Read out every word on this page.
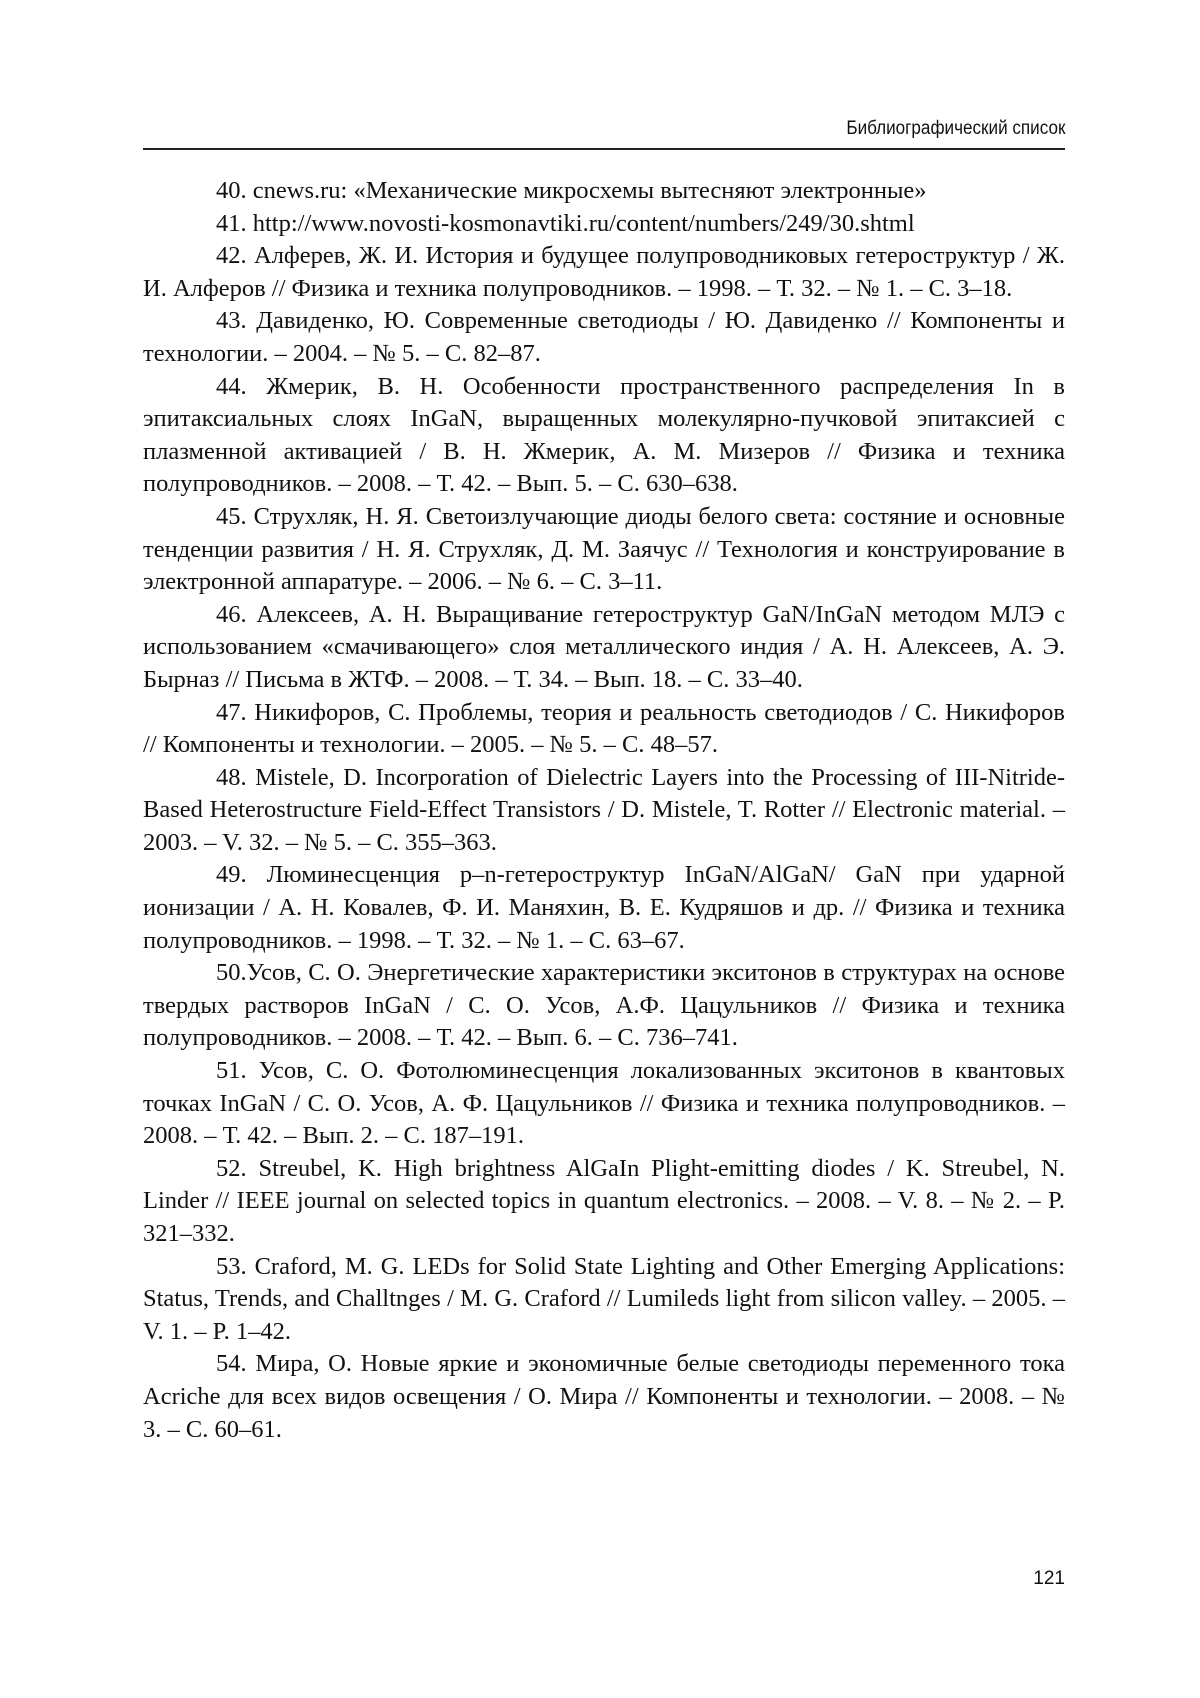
Библиографический список

40. cnews.ru: «Механические микросхемы вытесняют электронные»

41. http://www.novosti-kosmonavtiki.ru/content/numbers/249/30.shtml

42. Алферев, Ж. И. История и будущее полупроводниковых гетероструктур / Ж. И. Алферов // Физика и техника полупроводников. – 1998. – Т. 32. – № 1. – С. 3–18.

43. Давиденко, Ю. Современные светодиоды / Ю. Давиденко // Компоненты и технологии. – 2004. – № 5. – С. 82–87.

44. Жмерик, В. Н. Особенности пространственного распределения In в эпитаксиальных слоях InGaN, выращенных молекулярно-пучковой эпитаксией с плазменной активацией / В. Н. Жмерик, А. М. Мизеров // Физика и техника полупроводников. – 2008. – Т. 42. – Вып. 5. – С. 630–638.

45. Струхляк, Н. Я. Светоизлучающие диоды белого света: состяние и основные тенденции развития / Н. Я. Струхляк, Д. М. Заячус // Технология и конструирование в электронной аппаратуре. – 2006. – № 6. – С. 3–11.

46. Алексеев, А. Н. Выращивание гетероструктур GaN/InGaN методом МЛЭ с использованием «смачивающего» слоя металлического индия / А. Н. Алексеев, А. Э. Бырназ // Письма в ЖТФ. – 2008. – Т. 34. – Вып. 18. – С. 33–40.

47. Никифоров, С. Проблемы, теория и реальность светодиодов / С. Никифоров // Компоненты и технологии. – 2005. – № 5. – С. 48–57.

48. Mistele, D. Incorporation of Dielectric Layers into the Processing of III-Nitride-Based Heterostructure Field-Effect Transistors / D. Mistele, T. Rotter // Electronic material. – 2003. – V. 32. – № 5. – С. 355–363.

49. Люминесценция p–n-гетероструктур InGaN/AlGaN/ GaN при ударной ионизации / А. Н. Ковалев, Ф. И. Маняхин, В. Е. Кудряшов и др. // Физика и техника полупроводников. – 1998. – Т. 32. – № 1. – С. 63–67.

50.Усов, С. О. Энергетические характеристики экситонов в структурах на основе твердых растворов InGaN / С. О. Усов, А.Ф. Цацульников // Физика и техника полупроводников. – 2008. – Т. 42. – Вып. 6. – С. 736–741.

51. Усов, С. О. Фотолюминесценция локализованных экситонов в квантовых точках InGaN / С. О. Усов, А. Ф. Цацульников // Физика и техника полупроводников. – 2008. – Т. 42. – Вып. 2. – С. 187–191.

52. Streubel, K. High brightness AlGaIn Plight-emitting diodes / K. Streubel, N. Linder // IEEE journal on selected topics in quantum electronics. – 2008. – V. 8. – № 2. – P. 321–332.

53. Craford, M. G. LEDs for Solid State Lighting and Other Emerging Applications: Status, Trends, and Challtnges / M. G. Craford // Lumileds light from silicon valley. – 2005. – V. 1. – P. 1–42.

54. Мира, О. Новые яркие и экономичные белые светодиоды переменного тока Acriche для всех видов освещения / О. Мира // Компоненты и технологии. – 2008. – № 3. – С. 60–61.

121
